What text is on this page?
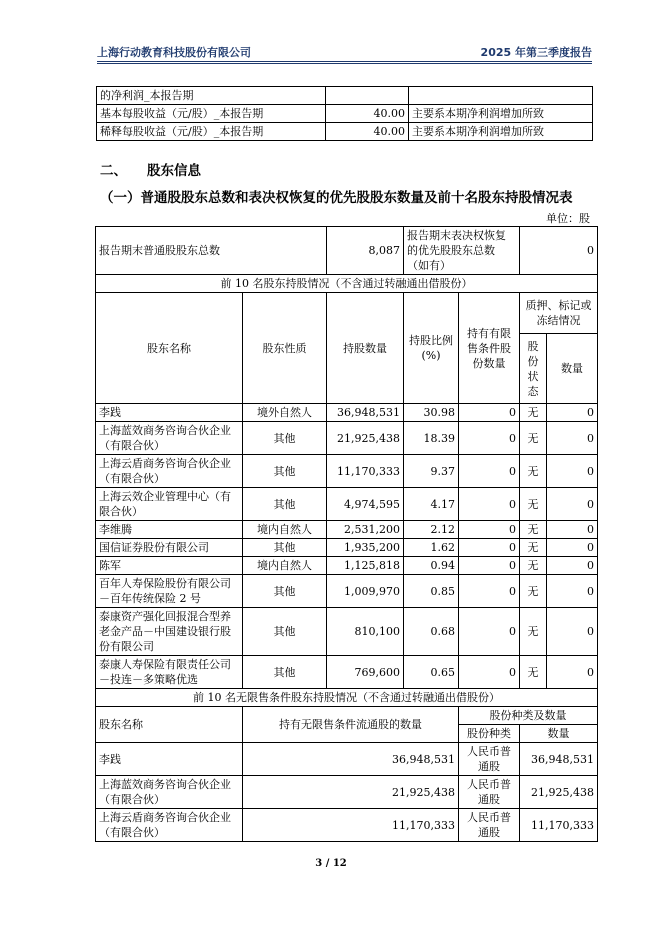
上海行动教育科技股份有限公司	2025 年第三季度报告
的净利润_本报告期		
基本每股收益（元/股）_本报告期	40.00	主要系本期净利润增加所致
稀释每股收益（元/股）_本报告期	40.00	主要系本期净利润增加所致
二、 股东信息
（一）普通股股东总数和表决权恢复的优先股股东数量及前十名股东持股情况表
单位：股
报告期末普通股股东总数		8,087	报告期末表决权恢复的优先股股东总数（如有）		0	
前 10 名股东持股情况（不含通过转融通出借股份）						
股东名称	股东性质	持股数量	持股比例(%)	持有有限售条件股份数量	质押、标记或冻结情况	
					股份状态	数量
李践	境外自然人	36,948,531	30.98	0	无	0
上海蓝效商务咨询合伙企业（有限合伙）	其他	21,925,438	18.39	0	无	0
上海云盾商务咨询合伙企业（有限合伙）	其他	11,170,333	9.37	0	无	0
上海云效企业管理中心（有限合伙）	其他	4,974,595	4.17	0	无	0
李维腾	境内自然人	2,531,200	2.12	0	无	0
国信证券股份有限公司	其他	1,935,200	1.62	0	无	0
陈军	境内自然人	1,125,818	0.94	0	无	0
百年人寿保险股份有限公司－百年传统保险 2 号	其他	1,009,970	0.85	0	无	0
泰康资产强化回报混合型养老金产品－中国建设银行股份有限公司	其他	810,100	0.68	0	无	0
泰康人寿保险有限责任公司－投连－多策略优选	其他	769,600	0.65	0	无	0
前 10 名无限售条件股东持股情况（不含通过转融通出借股份）						
股东名称	持有无限售条件流通股的数量			股份种类及数量		
				股份种类	数量	
李践	36,948,531			人民币普通股	36,948,531	
上海蓝效商务咨询合伙企业（有限合伙）	21,925,438			人民币普通股	21,925,438	
上海云盾商务咨询合伙企业（有限合伙）	11,170,333			人民币普通股	11,170,333	
3 / 12
